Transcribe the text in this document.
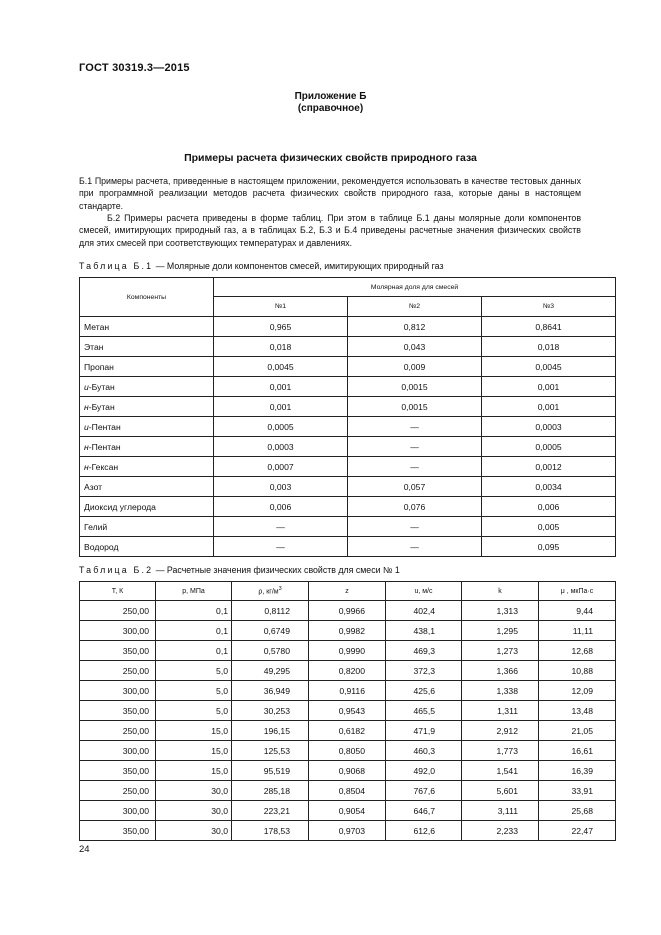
ГОСТ 30319.3—2015
Приложение Б
(справочное)
Примеры расчета физических свойств природного газа
Б.1 Примеры расчета, приведенные в настоящем приложении, рекомендуется использовать в качестве тестовых данных при программной реализации методов расчета физических свойств природного газа, которые даны в настоящем стандарте.
Б.2 Примеры расчета приведены в форме таблиц. При этом в таблице Б.1 даны молярные доли компонентов смесей, имитирующих природный газ, а в таблицах Б.2, Б.3 и Б.4 приведены расчетные значения физических свойств для этих смесей при соответствующих температурах и давлениях.
Таблица Б.1 — Молярные доли компонентов смесей, имитирующих природный газ
Компоненты	Молярная доля для смесей		
	№1	№2	№3
Метан	0,965	0,812	0,8641
Этан	0,018	0,043	0,018
Пропан	0,0045	0,009	0,0045
и-Бутан	0,001	0,0015	0,001
н-Бутан	0,001	0,0015	0,001
и-Пентан	0,0005	—	0,0003
н-Пентан	0,0003	—	0,0005
н-Гексан	0,0007	—	0,0012
Азот	0,003	0,057	0,0034
Диоксид углерода	0,006	0,076	0,006
Гелий	—	—	0,005
Водород	—	—	0,095
Таблица Б.2 — Расчетные значения физических свойств для смеси № 1
Т, К	р, МПа	ρ, $кг/м^3$	z	u, м/с	k	μ , мкПа·с
250,00	0,1	0,8112	0,9966	402,4	1,313	9,44
300,00	0,1	0,6749	0,9982	438,1	1,295	11,11
350,00	0,1	0,5780	0,9990	469,3	1,273	12,68
250,00	5,0	49,295	0,8200	372,3	1,366	10,88
300,00	5,0	36,949	0,9116	425,6	1,338	12,09
350,00	5,0	30,253	0,9543	465,5	1,311	13,48
250,00	15,0	196,15	0,6182	471,9	2,912	21,05
300,00	15,0	125,53	0,8050	460,3	1,773	16,61
350,00	15,0	95,519	0,9068	492,0	1,541	16,39
250,00	30,0	285,18	0,8504	767,6	5,601	33,91
300,00	30,0	223,21	0,9054	646,7	3,111	25,68
350,00	30,0	178,53	0,9703	612,6	2,233	22,47
24
